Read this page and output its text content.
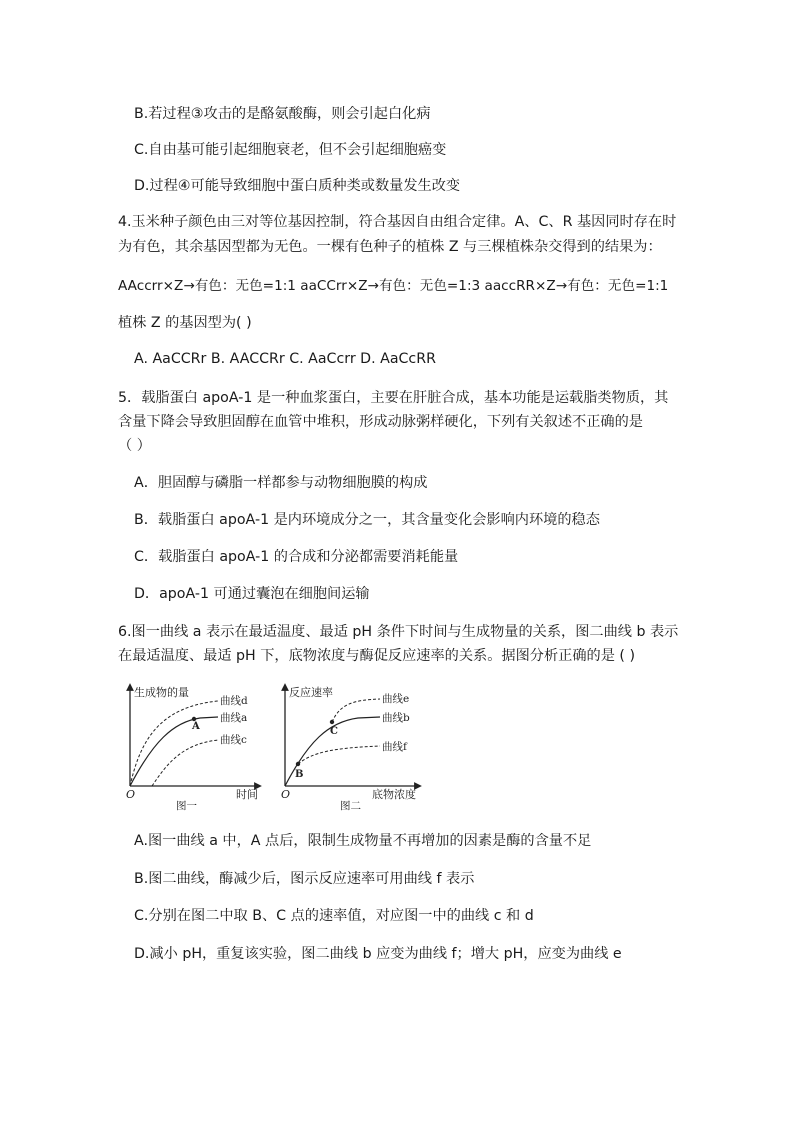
B.若过程③攻击的是酪氨酸酶，则会引起白化病
C.自由基可能引起细胞衰老，但不会引起细胞癌变
D.过程④可能导致细胞中蛋白质种类或数量发生改变
4.玉米种子颜色由三对等位基因控制，符合基因自由组合定律。A、C、R 基因同时存在时
为有色，其余基因型都为无色。一棵有色种子的植株 Z 与三棵植株杂交得到的结果为：
AAccrr×Z→有色：无色=1:1 aaCCrr×Z→有色：无色=1:3 aaccRR×Z→有色：无色=1:1
植株 Z 的基因型为( )
A. AaCCRr B. AACCRr C. AaCcrr D. AaCcRR
5．载脂蛋白 apoA-1 是一种血浆蛋白，主要在肝脏合成，基本功能是运载脂类物质，其
含量下降会导致胆固醇在血管中堆积，形成动脉粥样硬化，下列有关叙述不正确的是
（ ）
A．胆固醇与磷脂一样都参与动物细胞膜的构成
B．载脂蛋白 apoA-1 是内环境成分之一，其含量变化会影响内环境的稳态
C．载脂蛋白 apoA-1 的合成和分泌都需要消耗能量
D．apoA-1 可通过囊泡在细胞间运输
6.图一曲线 a 表示在最适温度、最适 pH 条件下时间与生成物量的关系，图二曲线 b 表示
在最适温度、最适 pH 下，底物浓度与酶促反应速率的关系。据图分析正确的是 ( )
生成物的量
时间
O
图一
A
曲线d
曲线a
曲线c
反应速率
底物浓度
O
图二
C
B
曲线e
曲线b
曲线f
A.图一曲线 a 中，A 点后，限制生成物量不再增加的因素是酶的含量不足
B.图二曲线，酶减少后，图示反应速率可用曲线 f 表示
C.分别在图二中取 B、C 点的速率值，对应图一中的曲线 c 和 d
D.减小 pH，重复该实验，图二曲线 b 应变为曲线 f；增大 pH，应变为曲线 e
